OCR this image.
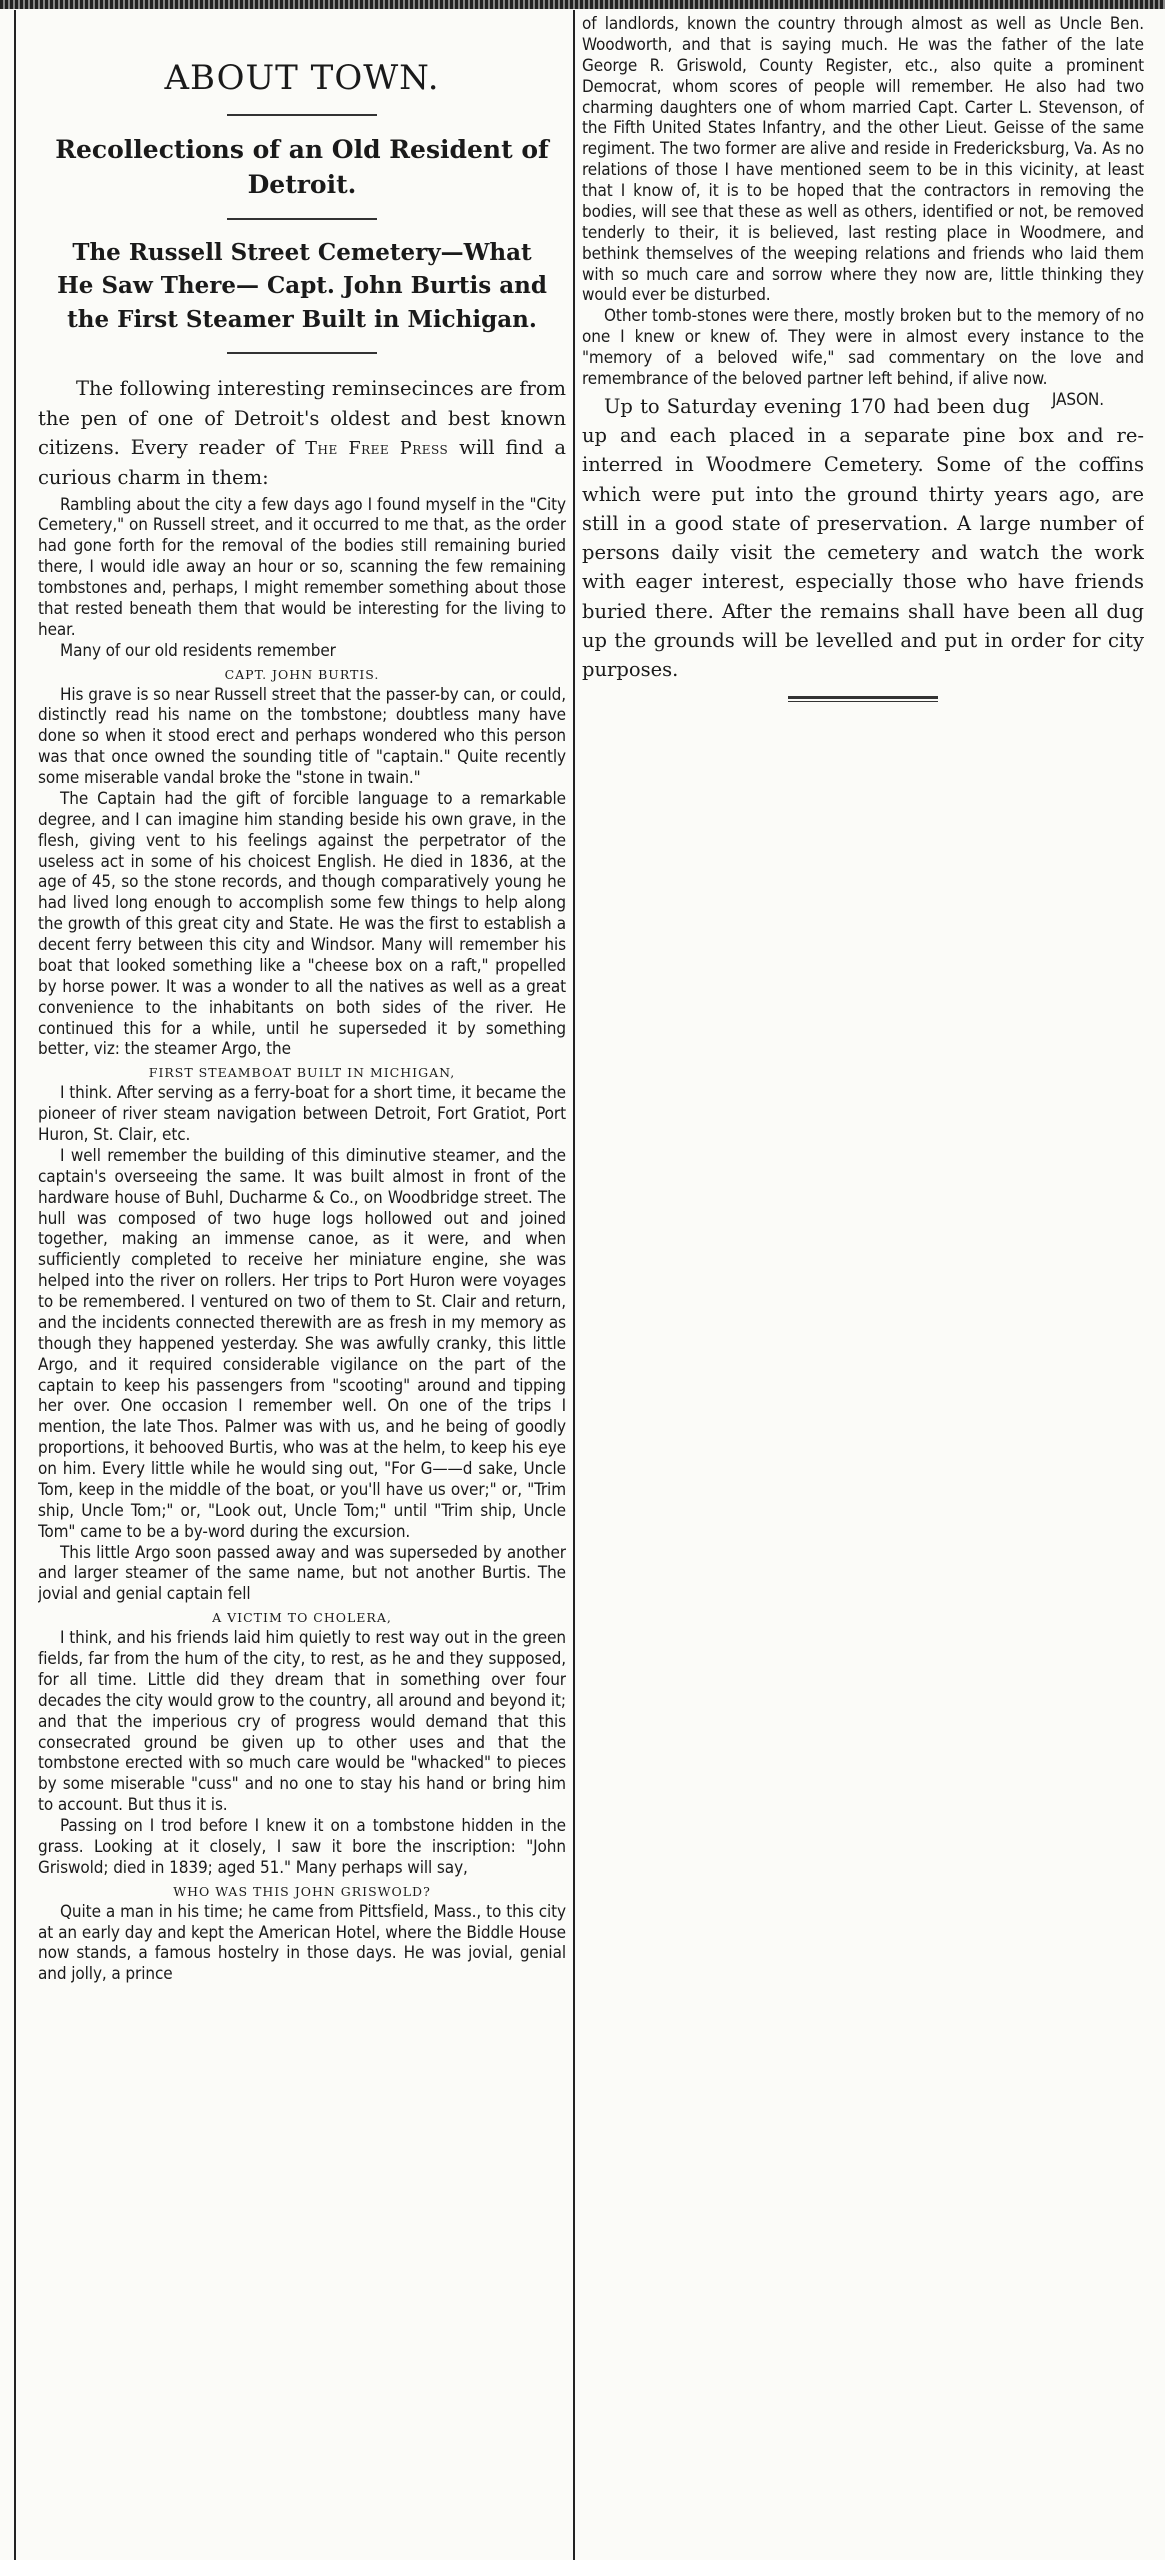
ABOUT TOWN.
Recollections of an Old Resident of Detroit.
The Russell Street Cemetery—What He Saw There— Capt. John Burtis and the First Steamer Built in Michigan.

The following interesting reminsecinces are from the pen of one of Detroit's oldest and best known citizens. Every reader of The Free Press will find a curious charm in them:

Rambling about the city a few days ago I found myself in the "City Cemetery," on Russell street, and it occurred to me that, as the order had gone forth for the removal of the bodies still remaining buried there, I would idle away an hour or so, scanning the few remaining tombstones and, perhaps, I might remember something about those that rested beneath them that would be interesting for the living to hear.

Many of our old residents remember

CAPT. JOHN BURTIS.

His grave is so near Russell street that the passer-by can, or could, distinctly read his name on the tombstone; doubtless many have done so when it stood erect and perhaps wondered who this person was that once owned the sounding title of "captain." Quite recently some miserable vandal broke the "stone in twain."

The Captain had the gift of forcible language to a remarkable degree, and I can imagine him standing beside his own grave, in the flesh, giving vent to his feelings against the perpetrator of the useless act in some of his choicest English. He died in 1836, at the age of 45, so the stone records, and though comparatively young he had lived long enough to accomplish some few things to help along the growth of this great city and State. He was the first to establish a decent ferry between this city and Windsor. Many will remember his boat that looked something like a "cheese box on a raft," propelled by horse power. It was a wonder to all the natives as well as a great convenience to the inhabitants on both sides of the river. He continued this for a while, until he superseded it by something better, viz: the steamer Argo, the

FIRST STEAMBOAT BUILT IN MICHIGAN,

I think. After serving as a ferry-boat for a short time, it became the pioneer of river steam navigation between Detroit, Fort Gratiot, Port Huron, St. Clair, etc.

I well remember the building of this diminutive steamer, and the captain's overseeing the same. It was built almost in front of the hardware house of Buhl, Ducharme & Co., on Woodbridge street. The hull was composed of two huge logs hollowed out and joined together, making an immense canoe, as it were, and when sufficiently completed to receive her miniature engine, she was helped into the river on rollers. Her trips to Port Huron were voyages to be remembered. I ventured on two of them to St. Clair and return, and the incidents connected therewith are as fresh in my memory as though they happened yesterday. She was awfully cranky, this little Argo, and it required considerable vigilance on the part of the captain to keep his passengers from "scooting" around and tipping her over. One occasion I remember well. On one of the trips I mention, the late Thos. Palmer was with us, and he being of goodly proportions, it behooved Burtis, who was at the helm, to keep his eye on him. Every little while he would sing out, "For G——d sake, Uncle Tom, keep in the middle of the boat, or you'll have us over;" or, "Trim ship, Uncle Tom;" or, "Look out, Uncle Tom;" until "Trim ship, Uncle Tom" came to be a by-word during the excursion.

This little Argo soon passed away and was superseded by another and larger steamer of the same name, but not another Burtis. The jovial and genial captain fell

A VICTIM TO CHOLERA,

I think, and his friends laid him quietly to rest way out in the green fields, far from the hum of the city, to rest, as he and they supposed, for all time. Little did they dream that in something over four decades the city would grow to the country, all around and beyond it; and that the imperious cry of progress would demand that this consecrated ground be given up to other uses and that the tombstone erected with so much care would be "whacked" to pieces by some miserable "cuss" and no one to stay his hand or bring him to account. But thus it is.

Passing on I trod before I knew it on a tombstone hidden in the grass. Looking at it closely, I saw it bore the inscription: "John Griswold; died in 1839; aged 51." Many perhaps will say,

WHO WAS THIS JOHN GRISWOLD?

Quite a man in his time; he came from Pittsfield, Mass., to this city at an early day and kept the American Hotel, where the Biddle House now stands, a famous hostelry in those days. He was jovial, genial and jolly, a prince

of landlords, known the country through almost as well as Uncle Ben. Woodworth, and that is saying much. He was the father of the late George R. Griswold, County Register, etc., also quite a prominent Democrat, whom scores of people will remember. He also had two charming daughters one of whom married Capt. Carter L. Stevenson, of the Fifth United States Infantry, and the other Lieut. Geisse of the same regiment. The two former are alive and reside in Fredericksburg, Va. As no relations of those I have mentioned seem to be in this vicinity, at least that I know of, it is to be hoped that the contractors in removing the bodies, will see that these as well as others, identified or not, be removed tenderly to their, it is believed, last resting place in Woodmere, and bethink themselves of the weeping relations and friends who laid them with so much care and sorrow where they now are, little thinking they would ever be disturbed.

Other tomb-stones were there, mostly broken but to the memory of no one I knew or knew of. They were in almost every instance to the "memory of a beloved wife," sad commentary on the love and remembrance of the beloved partner left behind, if alive now.
JASON.

Up to Saturday evening 170 had been dug up and each placed in a separate pine box and re-interred in Woodmere Cemetery. Some of the coffins which were put into the ground thirty years ago, are still in a good state of preservation. A large number of persons daily visit the cemetery and watch the work with eager interest, especially those who have friends buried there. After the remains shall have been all dug up the grounds will be levelled and put in order for city purposes.
